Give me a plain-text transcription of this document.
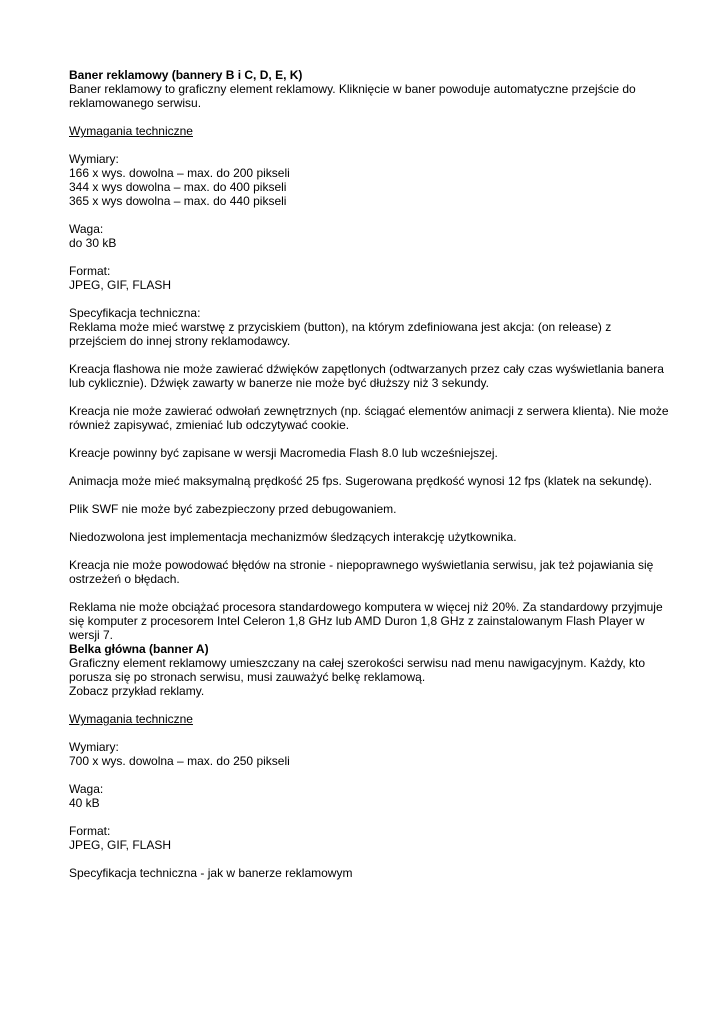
Baner reklamowy (bannery B i C, D, E, K)
Baner reklamowy to graficzny element reklamowy. Kliknięcie w baner powoduje automatyczne przejście do reklamowanego serwisu.
Wymagania techniczne
Wymiary:
166 x wys. dowolna – max. do 200 pikseli
344 x wys dowolna – max. do 400 pikseli
365 x wys dowolna – max. do 440 pikseli
Waga:
do 30 kB
Format:
JPEG, GIF, FLASH
Specyfikacja techniczna:
Reklama może mieć warstwę z przyciskiem (button), na którym zdefiniowana jest akcja: (on release) z przejściem do innej strony reklamodawcy.
Kreacja flashowa nie może zawierać dźwięków zapętlonych (odtwarzanych przez cały czas wyświetlania banera lub cyklicznie). Dźwięk zawarty w banerze nie może być dłuższy niż 3 sekundy.
Kreacja nie może zawierać odwołań zewnętrznych (np. ściągać elementów animacji z serwera klienta). Nie może również zapisywać, zmieniać lub odczytywać cookie.
Kreacje powinny być zapisane w wersji Macromedia Flash 8.0 lub wcześniejszej.
Animacja może mieć maksymalną prędkość 25 fps. Sugerowana prędkość wynosi 12 fps (klatek na sekundę).
Plik SWF nie może być zabezpieczony przed debugowaniem.
Niedozwolona jest implementacja mechanizmów śledzących interakcję użytkownika.
Kreacja nie może powodować błędów na stronie - niepoprawnego wyświetlania serwisu, jak też pojawiania się ostrzeżeń o błędach.
Reklama nie może obciążać procesora standardowego komputera w więcej niż 20%. Za standardowy przyjmuje się komputer z procesorem Intel Celeron 1,8 GHz lub AMD Duron 1,8 GHz z zainstalowanym Flash Player w wersji 7.
Belka główna (banner A)
Graficzny element reklamowy umieszczany na całej szerokości serwisu nad menu nawigacyjnym. Każdy, kto porusza się po stronach serwisu, musi zauważyć belkę reklamową.
Zobacz przykład reklamy.
Wymagania techniczne
Wymiary:
700 x wys. dowolna – max. do 250 pikseli
Waga:
40 kB
Format:
JPEG, GIF, FLASH
Specyfikacja techniczna - jak w banerze reklamowym
